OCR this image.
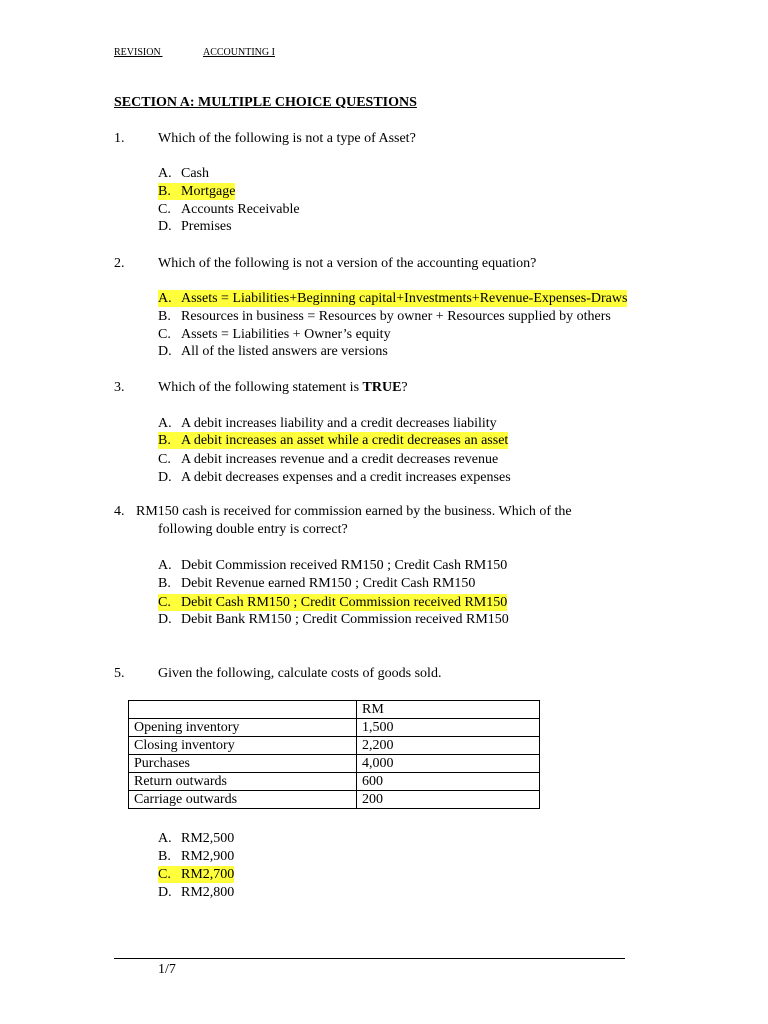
REVISION
	ACCOUNTING I
SECTION A: MULTIPLE CHOICE QUESTIONS
1. Which of the following is not a type of Asset?
A. Cash
B. Mortgage
C. Accounts Receivable
D. Premises
2. Which of the following is not a version of the accounting equation?
A. Assets = Liabilities+Beginning capital+Investments+Revenue-Expenses-Draws
B. Resources in business = Resources by owner + Resources supplied by others
C. Assets = Liabilities + Owner’s equity
D. All of the listed answers are versions
3. Which of the following statement is TRUE?
A. A debit increases liability and a credit decreases liability
B. A debit increases an asset while a credit decreases an asset
C. A debit increases revenue and a credit decreases revenue
D. A debit decreases expenses and a credit increases expenses
4. RM150 cash is received for commission earned by the business. Which of the
following double entry is correct?
A. Debit Commission received RM150 ; Credit Cash RM150
B. Debit Revenue earned RM150 ; Credit Cash RM150
C. Debit Cash RM150 ; Credit Commission received RM150
D. Debit Bank RM150 ; Credit Commission received RM150
5. Given the following, calculate costs of goods sold.
	RM
Opening inventory	1,500
Closing inventory	2,200
Purchases	4,000
Return outwards	600
Carriage outwards	200
A. RM2,500
B. RM2,900
C. RM2,700
D. RM2,800
1/7
